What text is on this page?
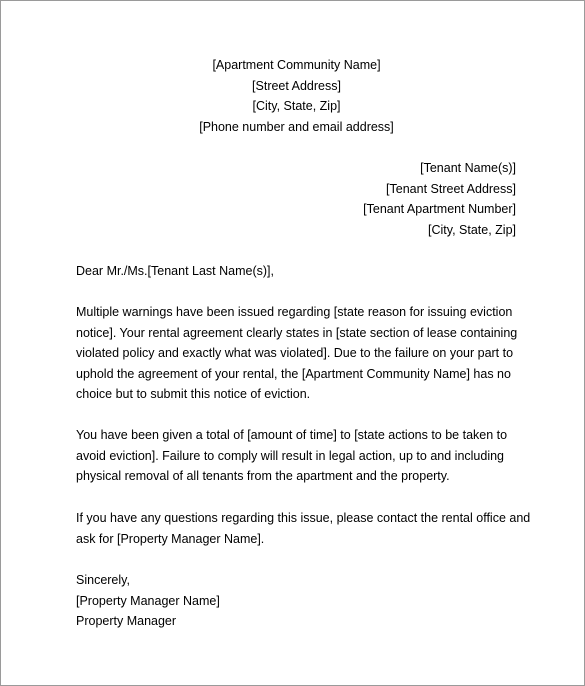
[Apartment Community Name]

[Street Address]

[City, State, Zip]

[Phone number and email address]

[Tenant Name(s)]

[Tenant Street Address]

[Tenant Apartment Number]

[City, State, Zip]

Dear Mr./Ms.[Tenant Last Name(s)],

Multiple warnings have been issued regarding [state reason for issuing eviction

notice]. Your rental agreement clearly states in [state section of lease containing

violated policy and exactly what was violated]. Due to the failure on your part to

uphold the agreement of your rental, the [Apartment Community Name] has no

choice but to submit this notice of eviction.

You have been given a total of [amount of time] to [state actions to be taken to

avoid eviction]. Failure to comply will result in legal action, up to and including

physical removal of all tenants from the apartment and the property.

If you have any questions regarding this issue, please contact the rental office and

ask for [Property Manager Name].

Sincerely,

[Property Manager Name]

Property Manager
